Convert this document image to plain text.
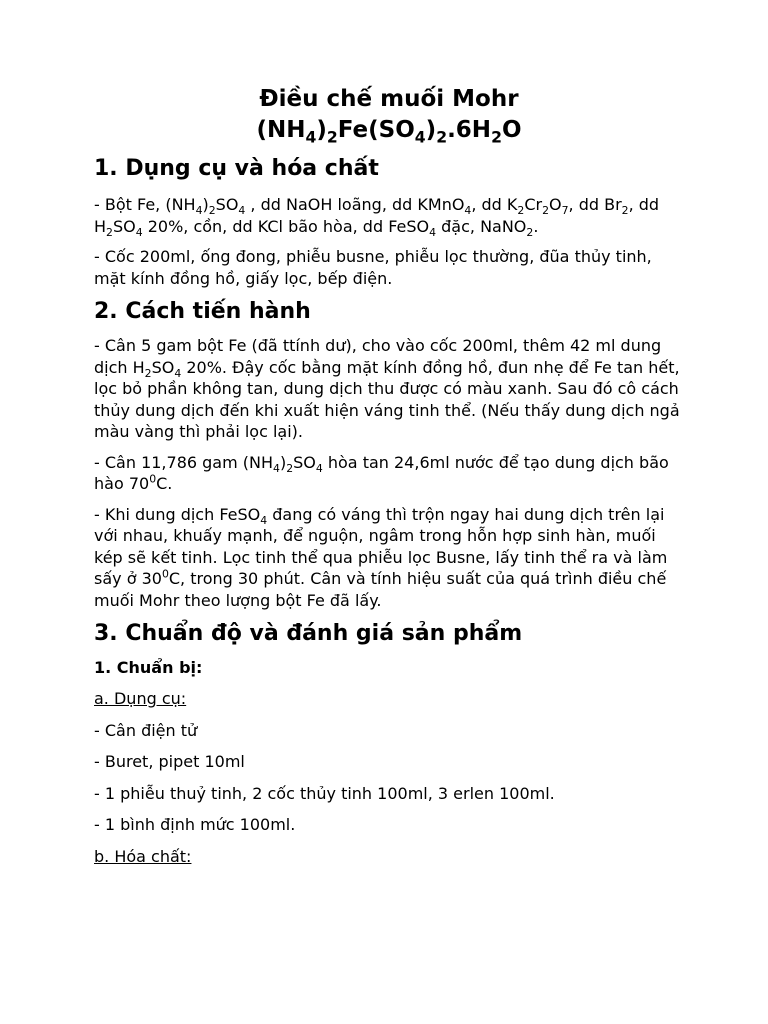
Điều chế muối Mohr
$(NH_4)_2Fe(SO_4)_2.6H_2O$
1. Dụng cụ và hóa chất

- Bột Fe, $(NH_4)_2SO_4$ , dd NaOH loãng, dd KMnO$_4$, dd $K_2Cr_2O_7$, dd $Br_2$, dd $H_2SO_4$ 20%, cồn, dd KCl bão hòa, dd FeSO$_4$ đặc, NaNO$_2$.

- Cốc 200ml, ống đong, phiễu busne, phiễu lọc thường, đũa thủy tinh, mặt kính đồng hồ, giấy lọc, bếp điện.

2. Cách tiến hành

- Cân 5 gam bột Fe (đã ttính dư), cho vào cốc 200ml, thêm 42 ml dung dịch $H_2SO_4$ 20%. Đậy cốc bằng mặt kính đồng hồ, đun nhẹ để Fe tan hết, lọc bỏ phần không tan, dung dịch thu được có màu xanh. Sau đó cô cách thủy dung dịch đến khi xuất hiện váng tinh thể. (Nếu thấy dung dịch ngả màu vàng thì phải lọc lại).

- Cân 11,786 gam $(NH_4)_2SO_4$ hòa tan 24,6ml nước để tạo dung dịch bão hào $70^0C$.

- Khi dung dịch FeSO$_4$ đang có váng thì trộn ngay hai dung dịch trên lại với nhau, khuấy mạnh, để nguộn, ngâm trong hỗn hợp sinh hàn, muối kép sẽ kết tinh. Lọc tinh thể qua phiễu lọc Busne, lấy tinh thể ra và làm sấy ở $30^0C$, trong 30 phút. Cân và tính hiệu suất của quá trình điều chế muối Mohr theo lượng bột Fe đã lấy.

3. Chuẩn độ và đánh giá sản phẩm

1. Chuẩn bị:

a. Dụng cụ:

- Cân điện tử

- Buret, pipet 10ml

- 1 phiễu thuỷ tinh, 2 cốc thủy tinh 100ml, 3 erlen 100ml.

- 1 bình định mức 100ml.

b. Hóa chất:
